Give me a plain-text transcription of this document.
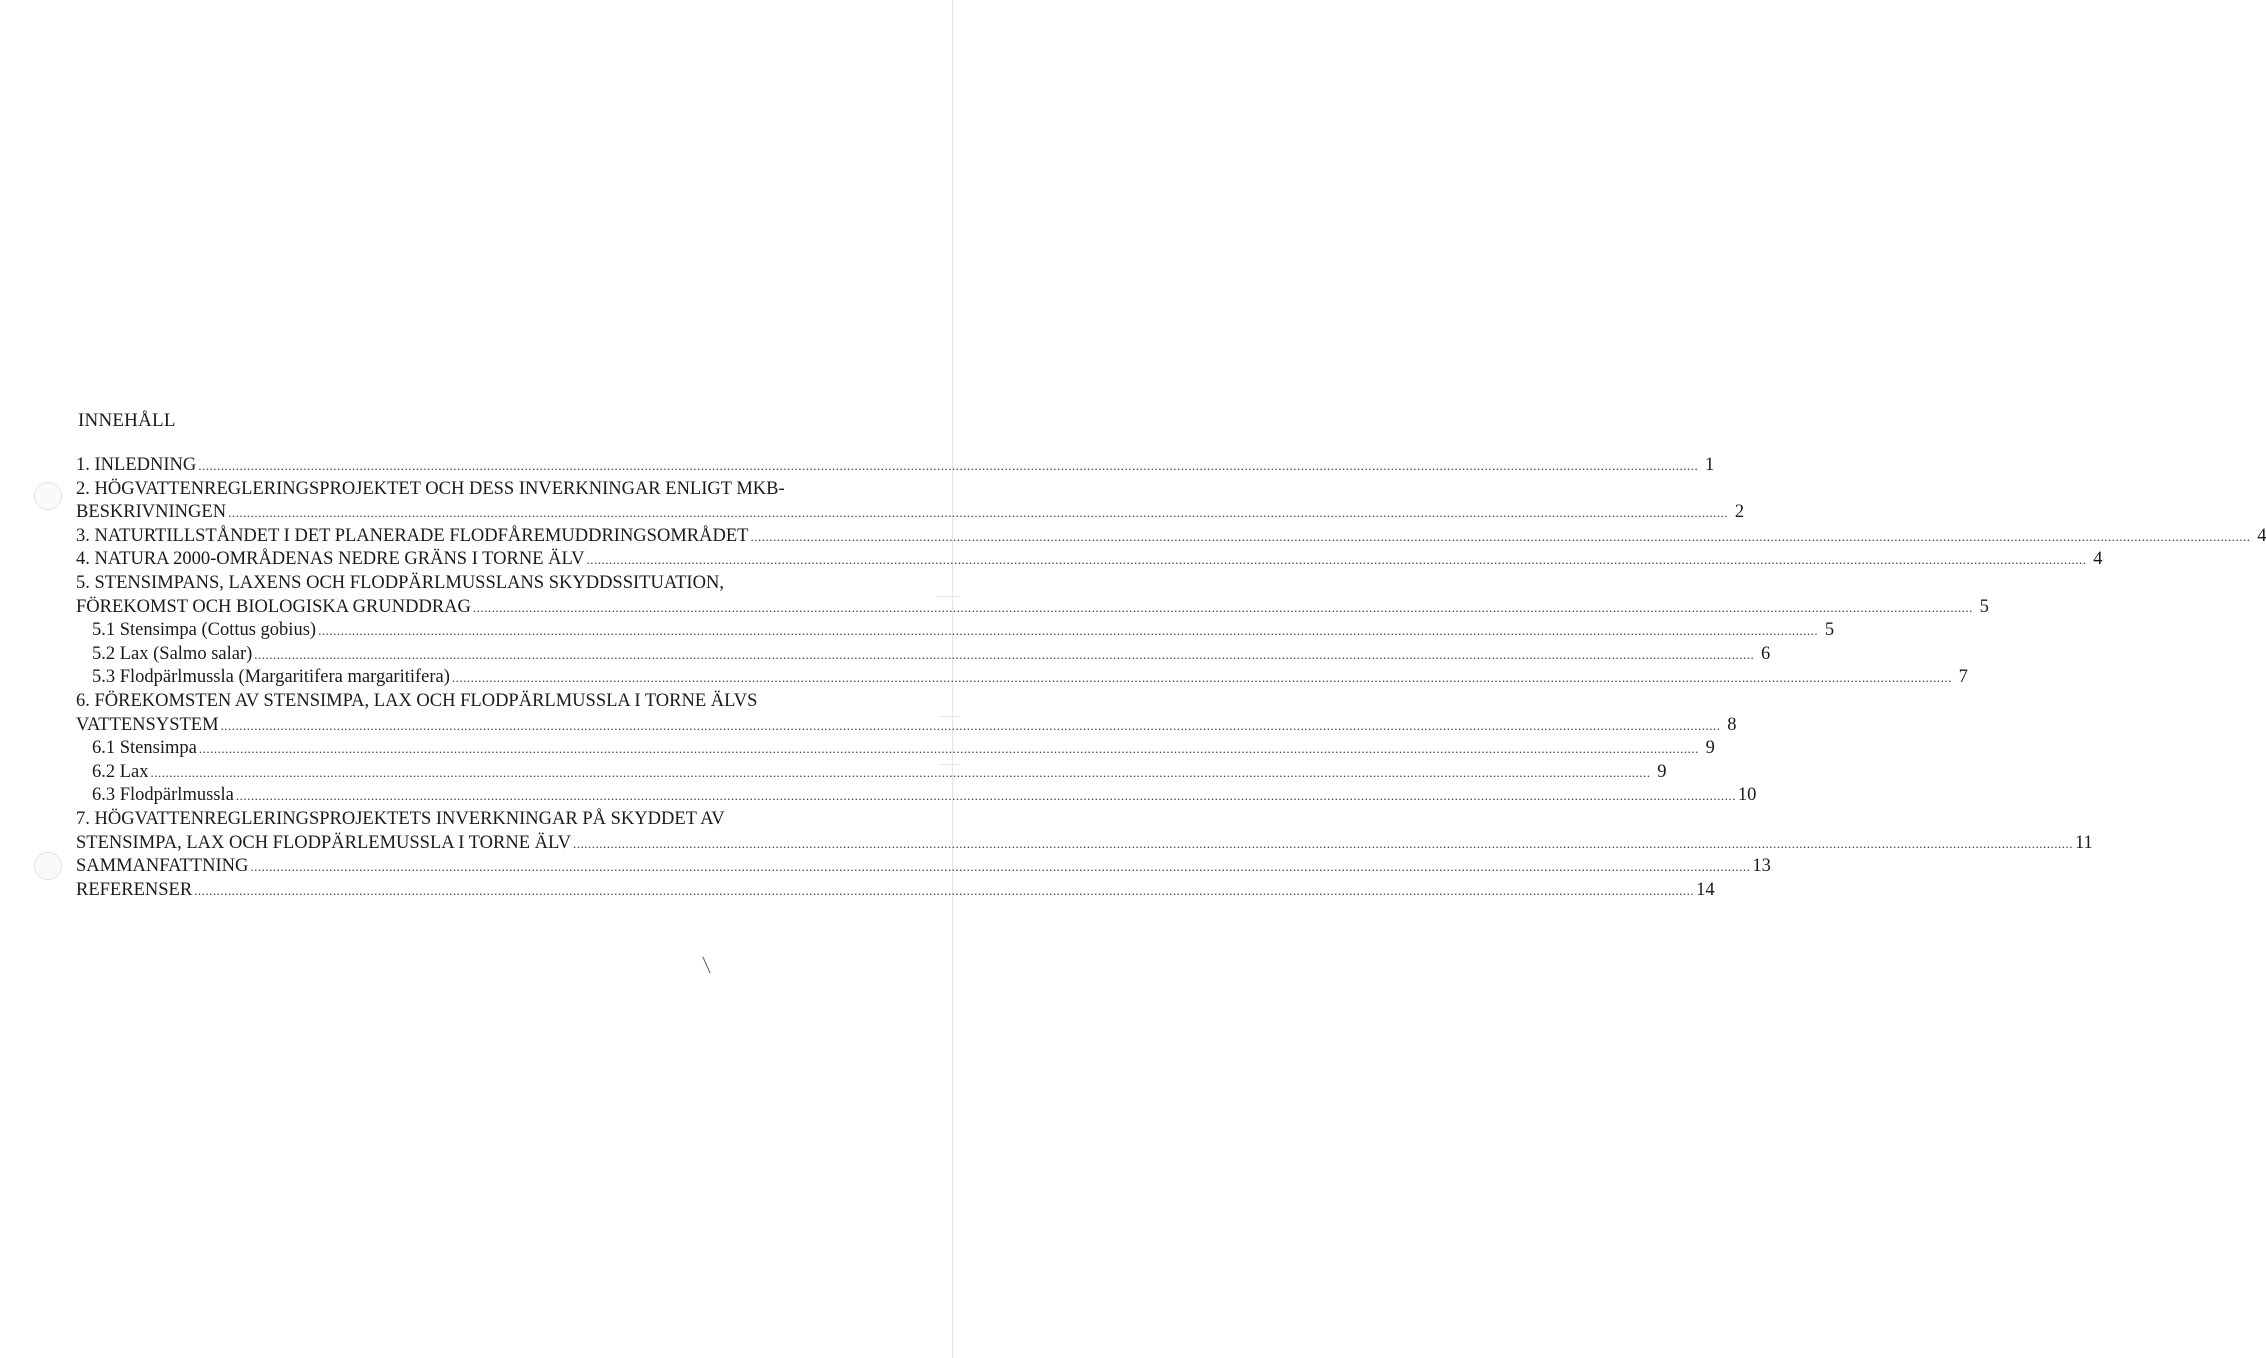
INNEHÅLL
1. INLEDNING ................................................................................................................................................................................................................................................................................................................................................................................................................ 1
2. HÖGVATTENREGLERINGSPROJEKTET OCH DESS INVERKNINGAR ENLIGT MKB-
BESKRIVNINGEN ................................................................................................................................................................................................................................................................................................................................................................................................................ 2
3. NATURTILLSTÅNDET I DET PLANERADE FLODFÅREMUDDRINGSOMRÅDET ................................................................................................................................................................................................................................................................................................................................................................................................................ 4
4. NATURA 2000-OMRÅDENAS NEDRE GRÄNS I TORNE ÄLV ................................................................................................................................................................................................................................................................................................................................................................................................................ 4
5. STENSIMPANS, LAXENS OCH FLODPÄRLMUSSLANS SKYDDSSITUATION,
FÖREKOMST OCH BIOLOGISKA GRUNDDRAG ................................................................................................................................................................................................................................................................................................................................................................................................................ 5
5.1 Stensimpa (Cottus gobius) ................................................................................................................................................................................................................................................................................................................................................................................................................ 5
5.2 Lax (Salmo salar) ................................................................................................................................................................................................................................................................................................................................................................................................................ 6
5.3 Flodpärlmussla (Margaritifera margaritifera) ................................................................................................................................................................................................................................................................................................................................................................................................................ 7
6. FÖREKOMSTEN AV STENSIMPA, LAX OCH FLODPÄRLMUSSLA I TORNE ÄLVS
VATTENSYSTEM ................................................................................................................................................................................................................................................................................................................................................................................................................ 8
6.1 Stensimpa ................................................................................................................................................................................................................................................................................................................................................................................................................ 9
6.2 Lax ................................................................................................................................................................................................................................................................................................................................................................................................................ 9
6.3 Flodpärlmussla ................................................................................................................................................................................................................................................................................................................................................................................................................ 10
7. HÖGVATTENREGLERINGSPROJEKTETS INVERKNINGAR PÅ SKYDDET AV
STENSIMPA, LAX OCH FLODPÄRLEMUSSLA I TORNE ÄLV ................................................................................................................................................................................................................................................................................................................................................................................................................ 11
SAMMANFATTNING ................................................................................................................................................................................................................................................................................................................................................................................................................ 13
REFERENSER ................................................................................................................................................................................................................................................................................................................................................................................................................ 14
